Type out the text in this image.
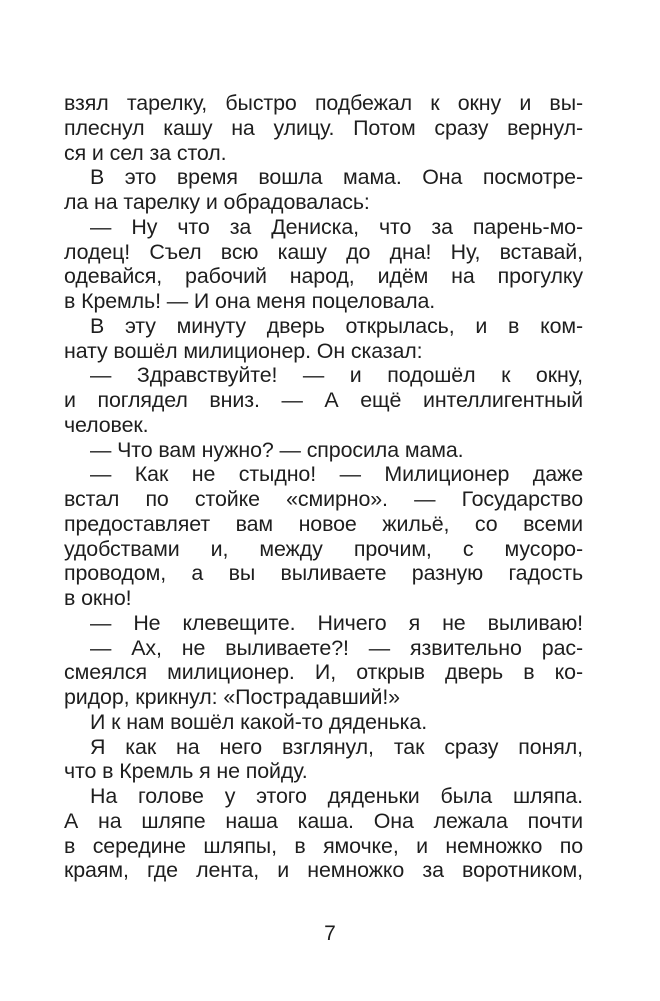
взял тарелку, быстро подбежал к окну и вы-
плеснул кашу на улицу. Потом сразу вернул-
ся и сел за стол.
В это время вошла мама. Она посмотре-
ла на тарелку и обрадовалась:
— Ну что за Дениска, что за парень-мо-
лодец! Съел всю кашу до дна! Ну, вставай,
одевайся, рабочий народ, идём на прогулку
в Кремль! — И она меня поцеловала.
В эту минуту дверь открылась, и в ком-
нату вошёл милиционер. Он сказал:
— Здравствуйте! — и подошёл к окну,
и поглядел вниз. — А ещё интеллигентный
человек.
— Что вам нужно? — спросила мама.
— Как не стыдно! — Милиционер даже
встал по стойке «смирно». — Государство
предоставляет вам новое жильё, со всеми
удобствами и, между прочим, с мусоро-
проводом, а вы выливаете разную гадость
в окно!
— Не клевещите. Ничего я не выливаю!
— Ах, не выливаете?! — язвительно рас-
смеялся милиционер. И, открыв дверь в ко-
ридор, крикнул: «Пострадавший!»
И к нам вошёл какой-то дяденька.
Я как на него взглянул, так сразу понял,
что в Кремль я не пойду.
На голове у этого дяденьки была шляпа.
А на шляпе наша каша. Она лежала почти
в середине шляпы, в ямочке, и немножко по
краям, где лента, и немножко за воротником,
7
